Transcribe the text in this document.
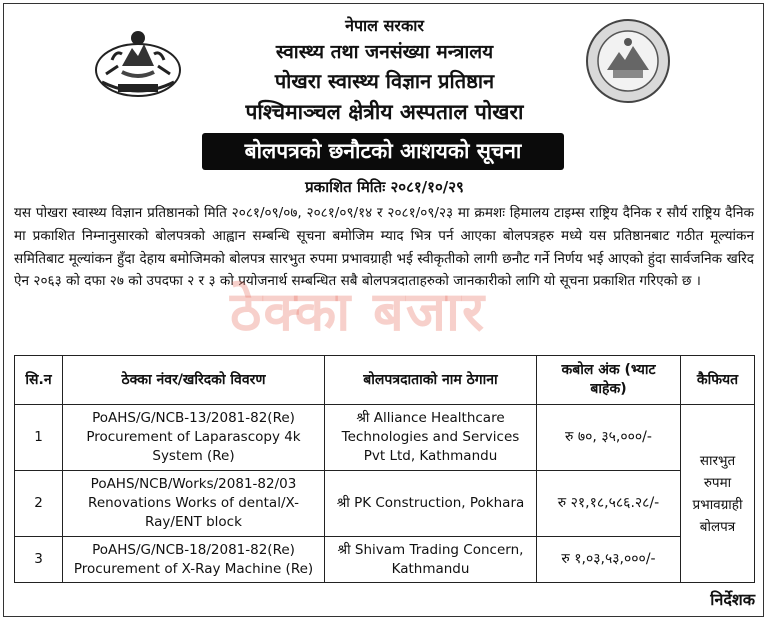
नेपाल सरकार
स्वास्थ्य तथा जनसंख्या मन्त्रालय
पोखरा स्वास्थ्य विज्ञान प्रतिष्ठान
पश्चिमाञ्चल क्षेत्रीय अस्पताल पोखरा
बोलपत्रको छनौटको आशयको सूचना
प्रकाशित मितिः २०८१/१०/२९

यस पोखरा स्वास्थ्य विज्ञान प्रतिष्ठानको मिति २०८१/०९/०७, २०८१/०९/१४ र २०८१/०९/२३ मा क्रमशः हिमालय टाइम्स राष्ट्रिय दैनिक र सौर्य राष्ट्रिय दैनिक मा प्रकाशित निम्नानुसारको बोलपत्रको आह्वान सम्बन्धि सूचना बमोजिम म्याद भित्र पर्न आएका बोलपत्रहरु मध्ये यस प्रतिष्ठानबाट गठीत मूल्यांकन समितिबाट मूल्यांकन हुँदा देहाय बमोजिमको बोलपत्र सारभुत रुपमा प्रभावग्राही भई स्वीकृतीको लागी छनौट गर्ने निर्णय भई आएको हुंदा सार्वजनिक खरिद ऐन २०६३ को दफा २७ को उपदफा २ र ३ को प्रयोजनार्थ सम्बन्धित सबै बोलपत्रदाताहरुको जानकारीको लागि यो सूचना प्रकाशित गरिएको छ ।

ठेक्का बजार
सि.न	ठेक्का नंवर/खरिदको विवरण	बोलपत्रदाताको नाम ठेगाना	कबोल अंक (भ्याट बाहेक)	कैफियत
1	PoAHS/G/NCB-13/2081-82(Re) Procurement of Laparascopy 4k System (Re)	श्री Alliance Healthcare Technologies and Services Pvt Ltd, Kathmandu	रु ७०, ३५,०००/-	सारभुत रुपमा प्रभावग्राही बोलपत्र
2	PoAHS/NCB/Works/2081-82/03 Renovations Works of dental/X-Ray/ENT block	श्री PK Construction, Pokhara	रु २१,१८,५८६.२८/-	
3	PoAHS/G/NCB-18/2081-82(Re) Procurement of X-Ray Machine (Re)	श्री Shivam Trading Concern, Kathmandu	रु १,०३,५३,०००/-	
निर्देशक
